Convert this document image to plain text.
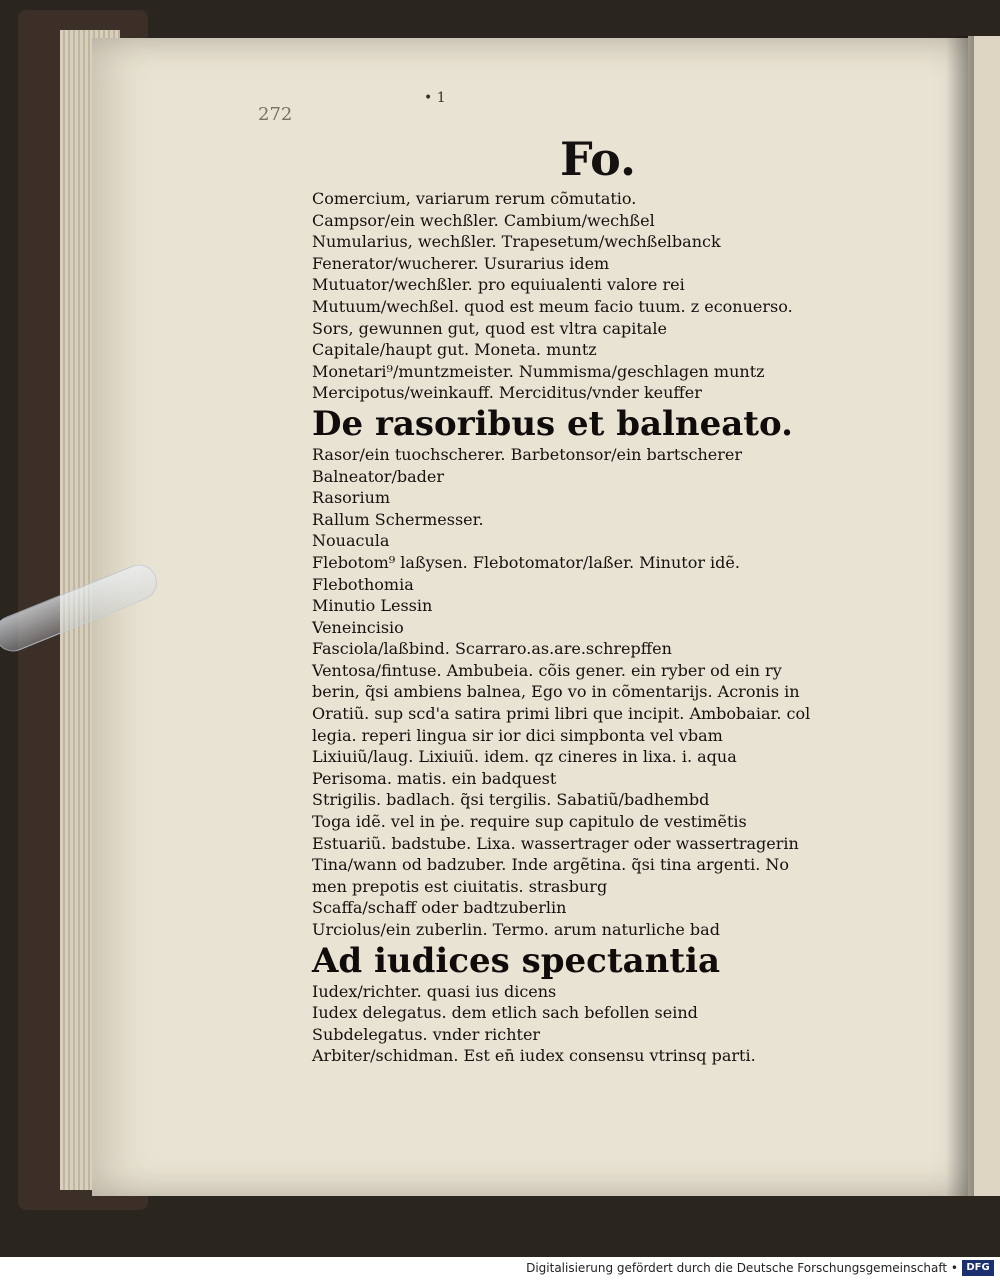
272
• 1
Fo.
Comercium, variarum rerum cõmutatio.
Campsor/ein wechßler. Cambium/wechßel
Numularius, wechßler. Trapesetum/wechßelbanck
Fenerator/wucherer. Usurarius idem
Mutuator/wechßler. pro equiualenti valore rei
Mutuum/wechßel. quod est meum facio tuum. z econuerso.
Sors, gewunnen gut, quod est vltra capitale
Capitale/haupt gut. Moneta. muntz
Monetari⁹/muntzmeister. Nummisma/geschlagen muntz
Mercipotus/weinkauff. Merciditus/vnder keuffer
De rasoribus et balneato.
Rasor/ein tuochscherer. Barbetonsor/ein bartscherer
Balneator/bader
Rasorium
Rallum Schermesser.
Nouacula
Flebotom⁹ laßysen. Flebotomator/laßer. Minutor idẽ.
Flebothomia
Minutio Lessin
Veneincisio
Fasciola/laßbind. Scarraro.as.are.schrepffen
Ventosa/fintuse. Ambubeia. cõis gener. ein ryber od ein ry
berin, q̃si ambiens balnea, Ego vo in cõmentarijs. Acronis in
Oratiũ. sup scd'a satira primi libri que incipit. Ambobaiar. col
legia. reperi lingua sir ior dici simpbonta vel vbam
Lixiuiũ/laug. Lixiuiũ. idem. qz cineres in lixa. i. aqua
Perisoma. matis. ein badquest
Strigilis. badlach. q̃si tergilis. Sabatiũ/badhembd
Toga idẽ. vel in ṗe. require sup capitulo de vestimẽtis
Estuariũ. badstube. Lixa. wassertrager oder wassertragerin
Tina/wann od badzuber. Inde argẽtina. q̃si tina argenti. No
men prepotis est ciuitatis. strasburg
Scaffa/schaff oder badtzuberlin
Urciolus/ein zuberlin. Termo. arum naturliche bad
Ad iudices spectantia
Iudex/richter. quasi ius dicens
Iudex delegatus. dem etlich sach befollen seind
Subdelegatus. vnder richter
Arbiter/schidman. Est en̄ iudex consensu vtrinsq parti.
Digitalisierung gefördert durch die Deutsche Forschungsgemeinschaft • DFG
